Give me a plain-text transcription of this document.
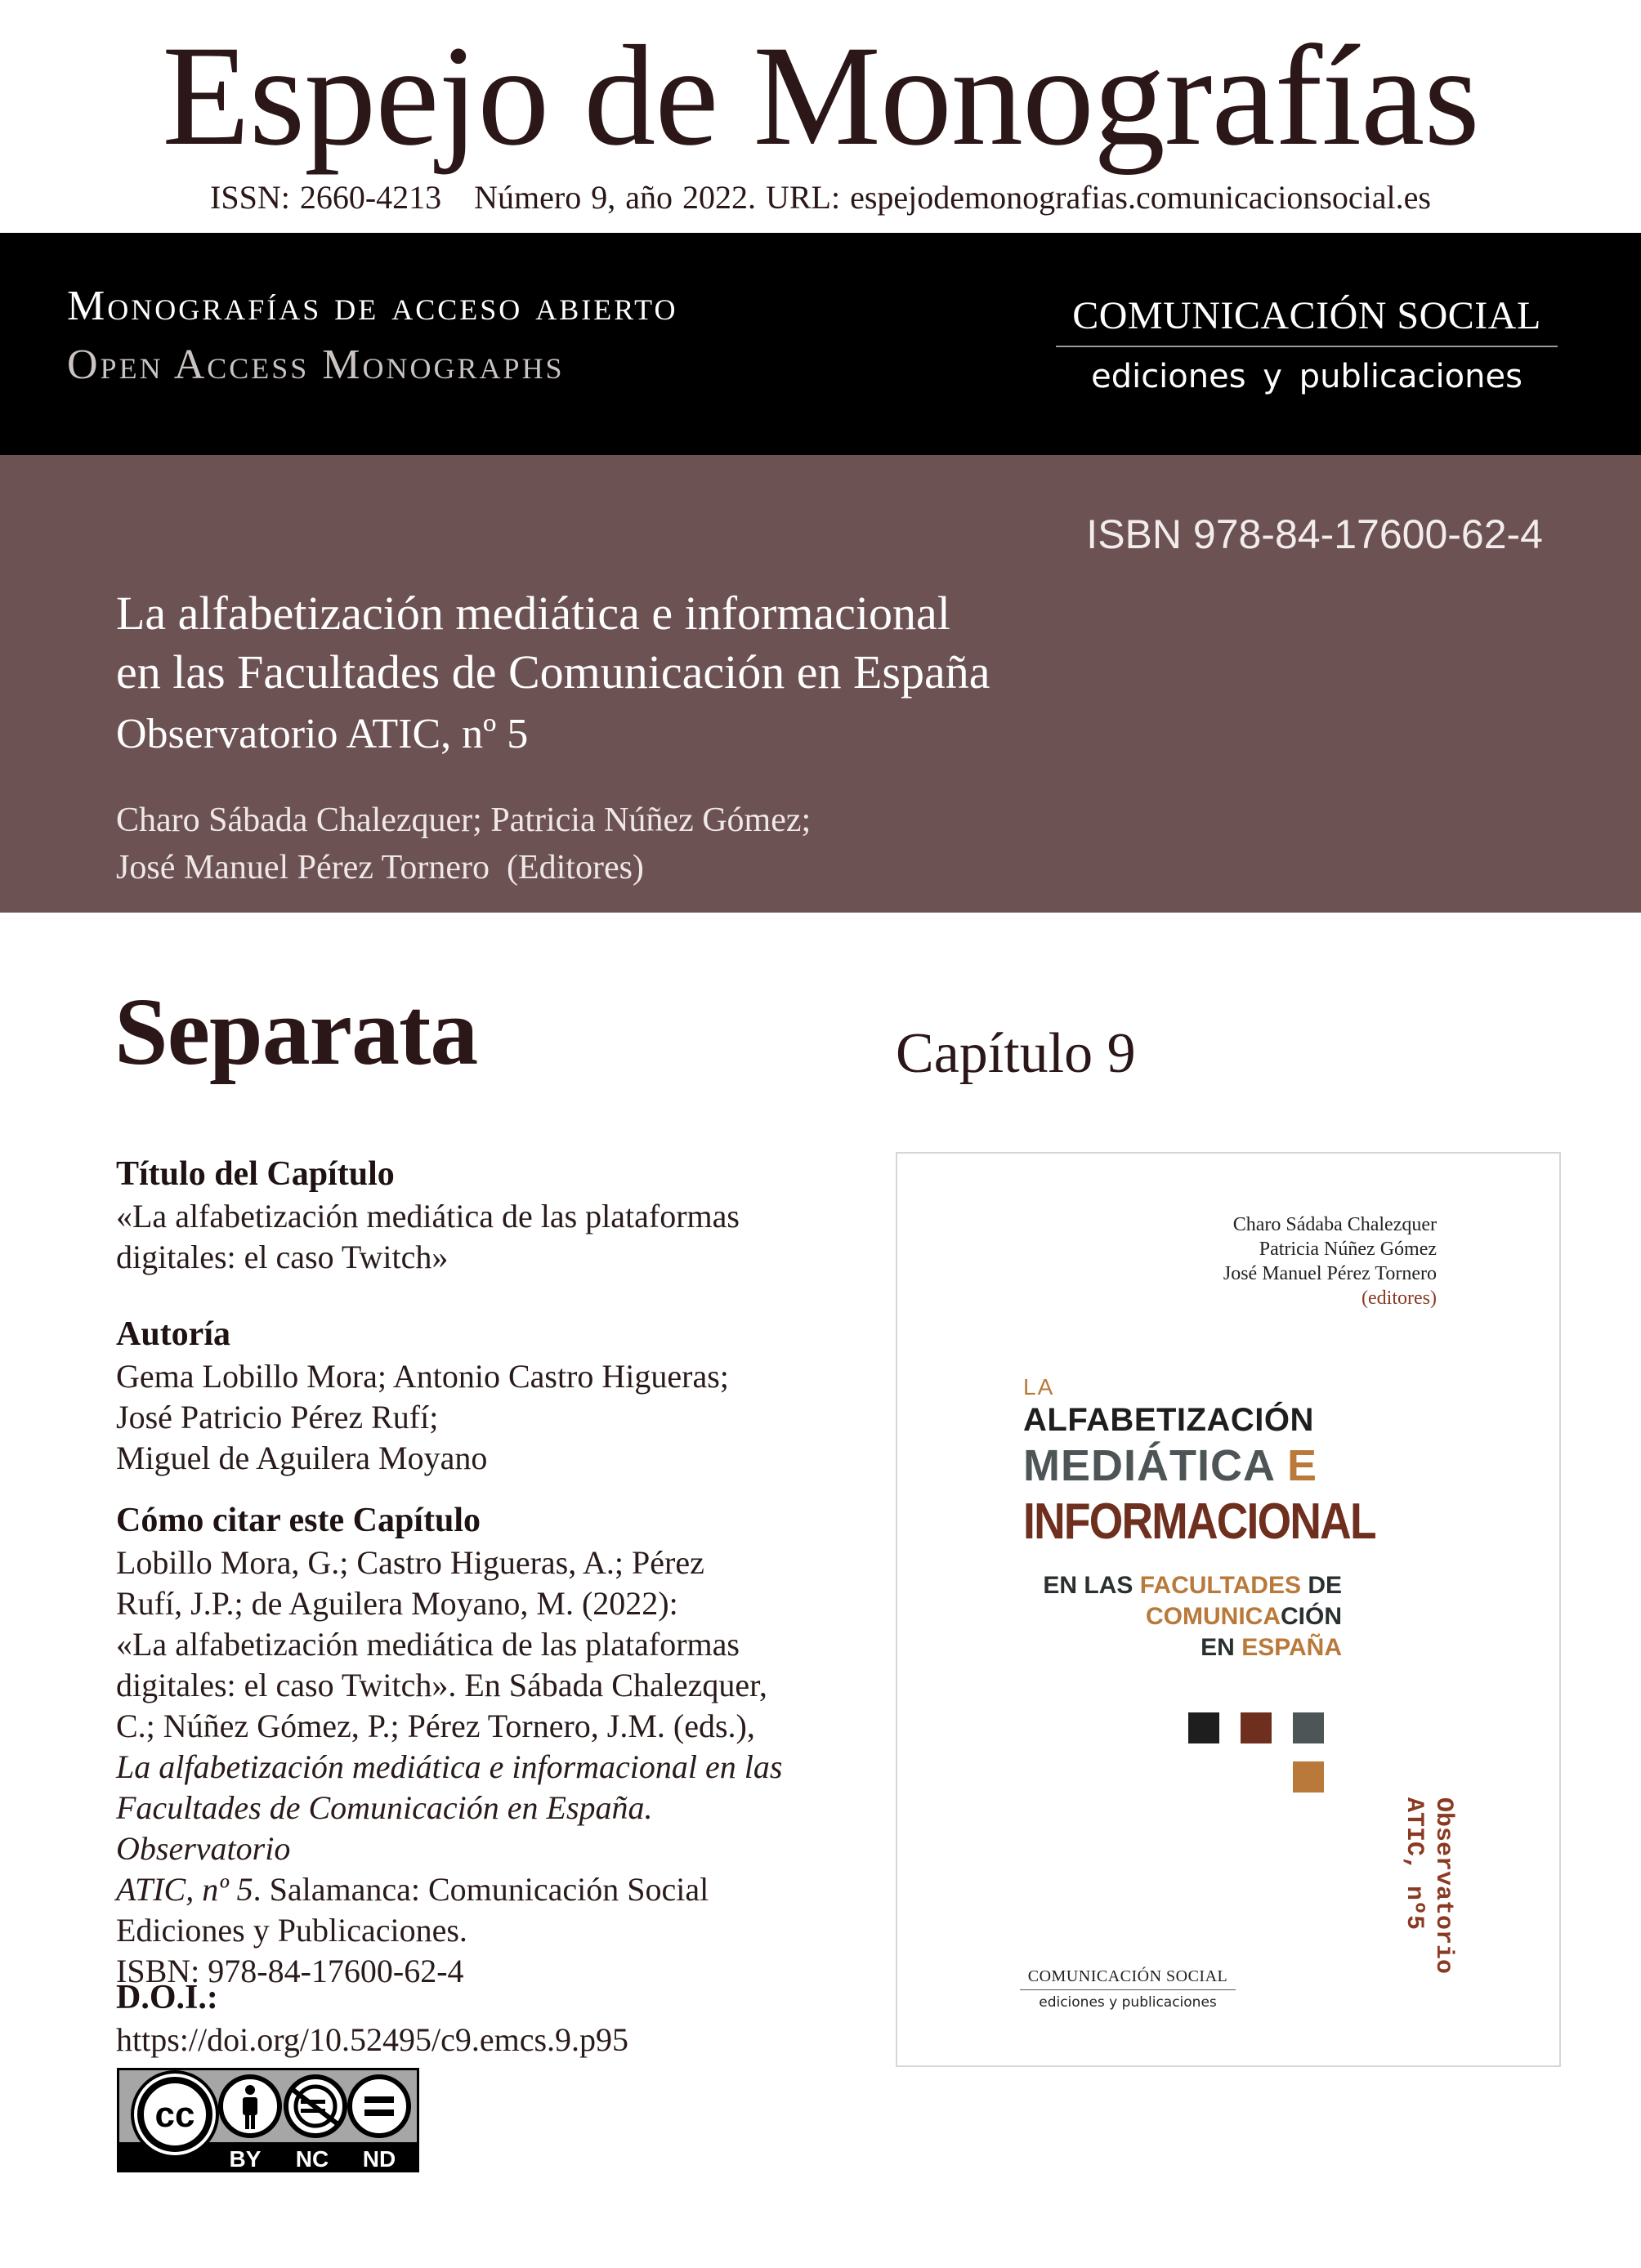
Espejo de Monografías
ISSN: 2660-4213 Número 9, año 2022. URL: espejodemonografias.comunicacionsocial.es
Monografías de acceso abierto
Open Access Monographs
COMUNICACIÓN SOCIAL
ediciones y publicaciones
ISBN 978-84-17600-62-4
La alfabetización mediática e informacional
en las Facultades de Comunicación en España
Observatorio ATIC, nº 5
Charo Sábada Chalezquer; Patricia Núñez Gómez;
José Manuel Pérez Tornero  (Editores)
Separata	Capítulo 9
Título del Capítulo
«La alfabetización mediática de las plataformas
digitales: el caso Twitch»
Autoría
Gema Lobillo Mora; Antonio Castro Higueras;
José Patricio Pérez Rufí;
Miguel de Aguilera Moyano
Cómo citar este Capítulo
Lobillo Mora, G.; Castro Higueras, A.; Pérez
Rufí, J.P.; de Aguilera Moyano, M. (2022):
«La alfabetización mediática de las plataformas
digitales: el caso Twitch». En Sábada Chalezquer,
C.; Núñez Gómez, P.; Pérez Tornero, J.M. (eds.),
La alfabetización mediática e informacional en las
Facultades de Comunicación en España. Observatorio
ATIC, nº 5. Salamanca: Comunicación Social
Ediciones y Publicaciones.
ISBN: 978-84-17600-62-4
D.O.I.:
https://doi.org/10.52495/c9.emcs.9.p95
Charo Sádaba Chalezquer
Patricia Núñez Gómez
José Manuel Pérez Tornero
(editores)
LA
ALFABETIZACIÓN
MEDIÁTICA E
INFORMACIONAL
EN LAS FACULTADES DE
COMUNICACIÓN
EN ESPAÑA
Observatorio
ATIC, nº5
COMUNICACIÓN SOCIAL
ediciones y publicaciones
cc
BY NC ND
